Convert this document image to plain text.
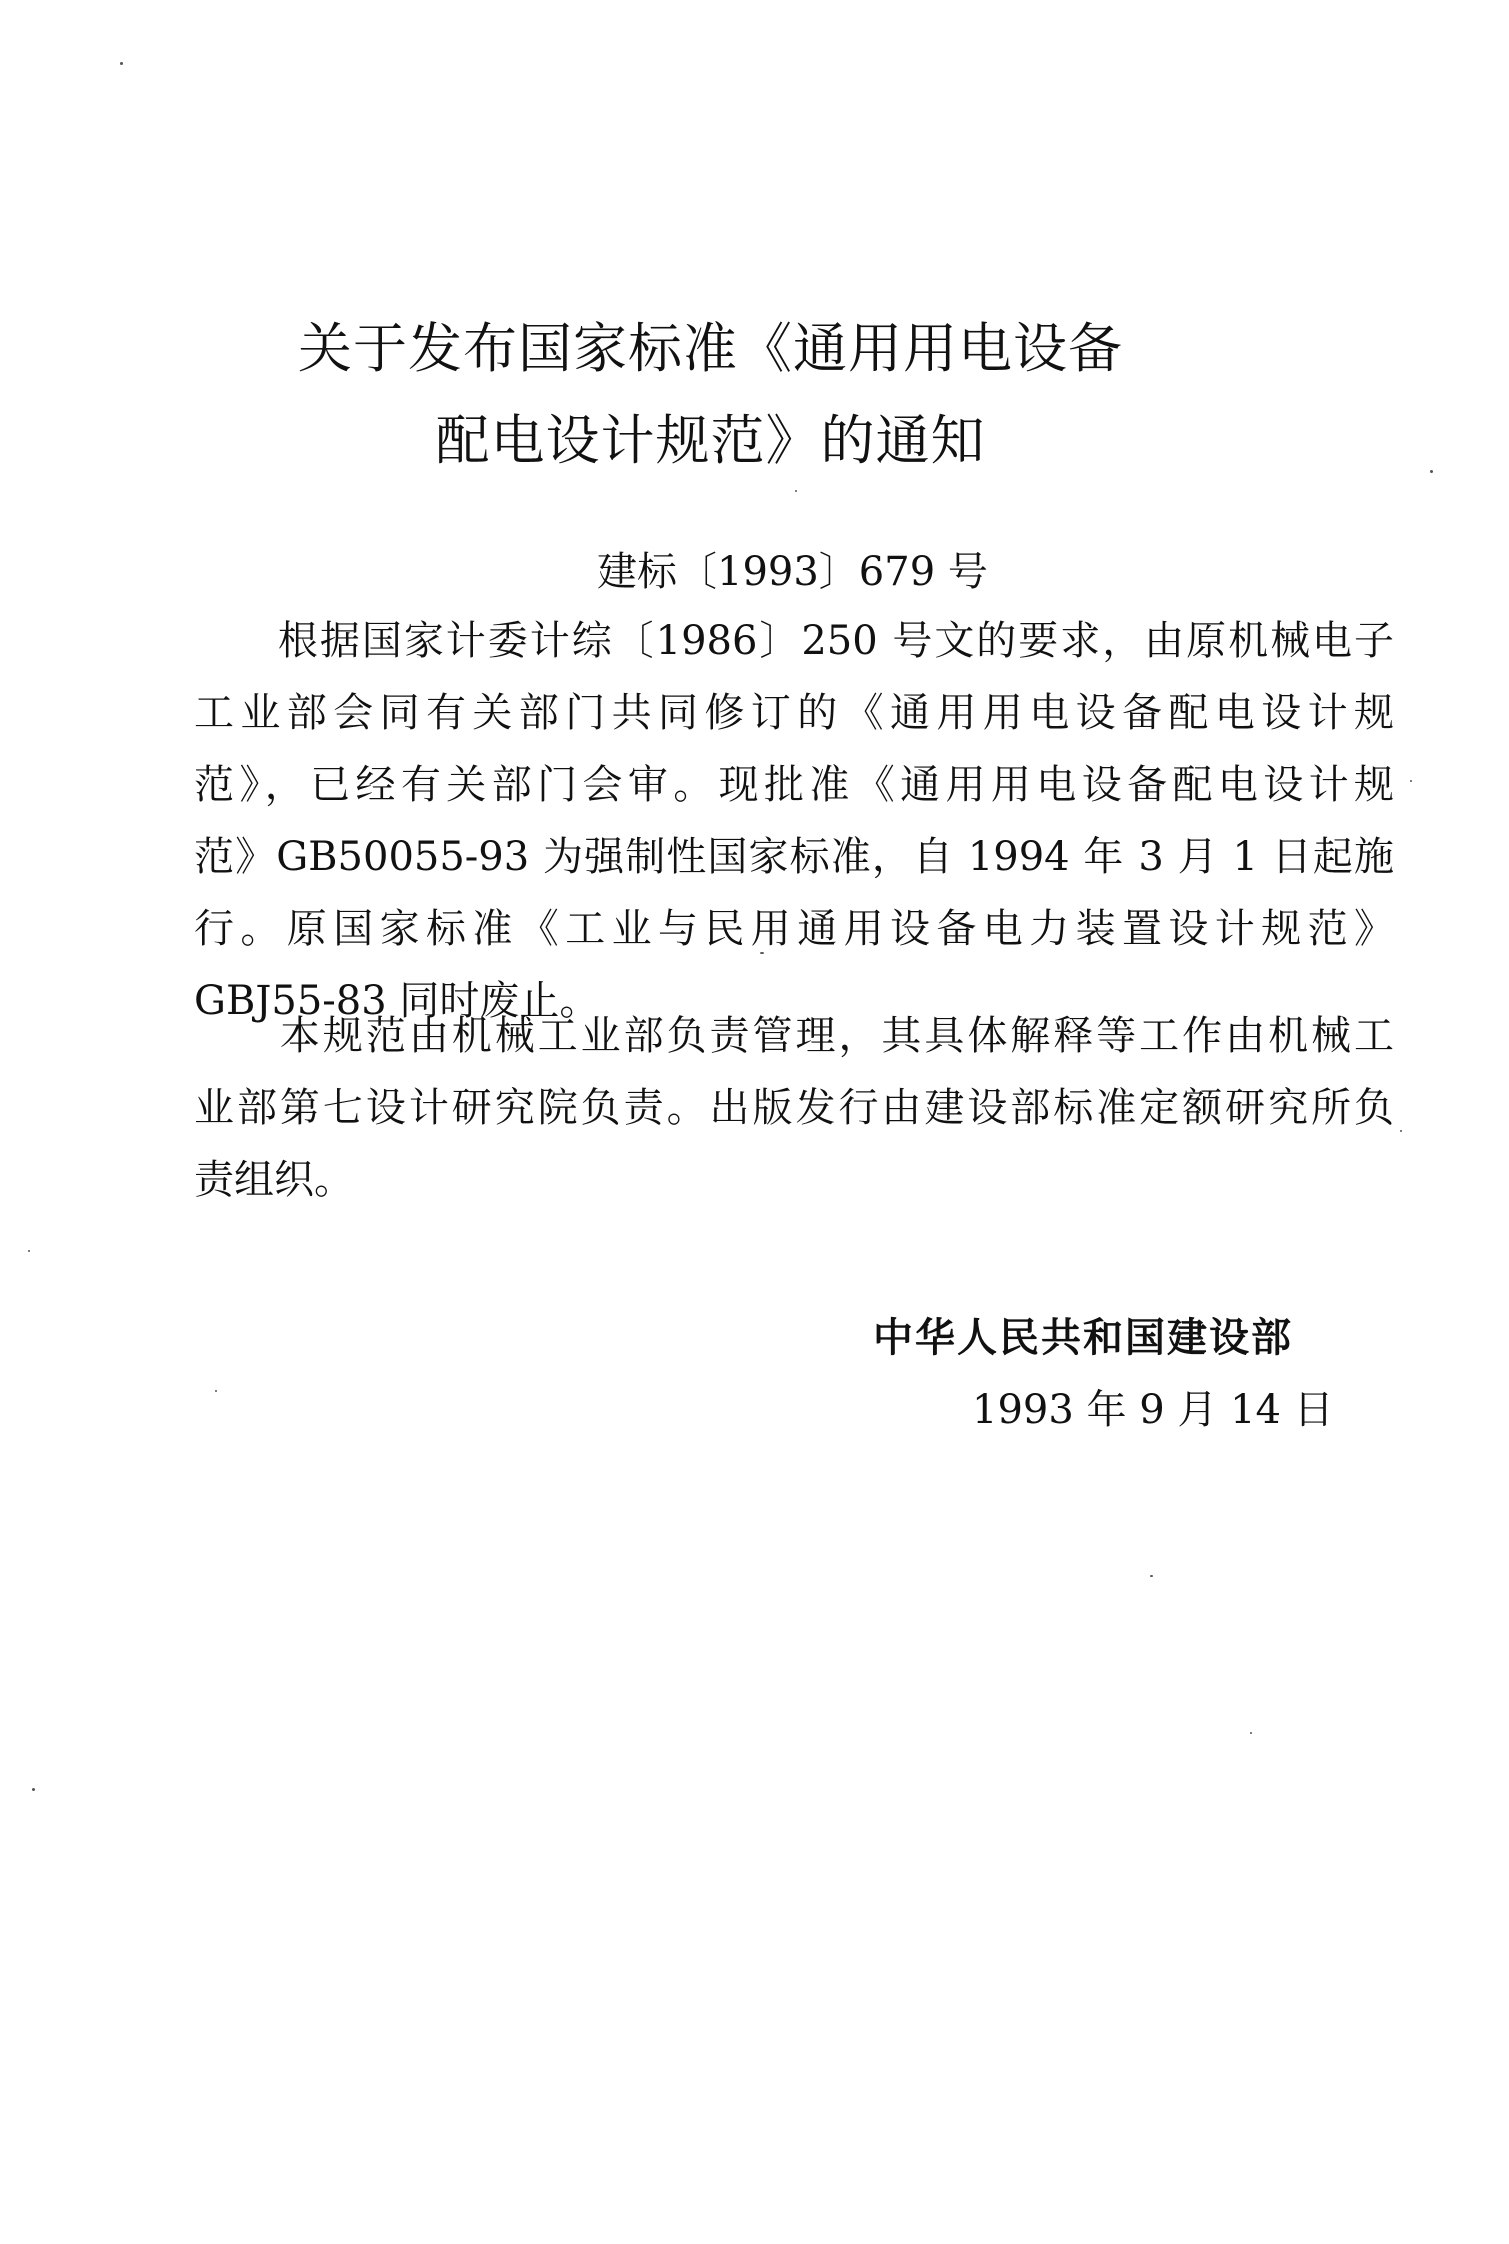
关于发布国家标准《通用用电设备
配电设计规范》的通知
建标〔1993〕679 号
　　根据国家计委计综〔1986〕250 号文的要求，由原机械电子
工业部会同有关部门共同修订的《通用用电设备配电设计规
范》，已经有关部门会审。现批准《通用用电设备配电设计规
范》GB50055-93 为强制性国家标准，自 1994 年 3 月 1 日起施
行。原国家标准《工业与民用通用设备电力装置设计规范》
GBJ55-83 同时废止。
　　本规范由机械工业部负责管理，其具体解释等工作由机械工
业部第七设计研究院负责。出版发行由建设部标准定额研究所负
责组织。
中华人民共和国建设部
1993 年 9 月 14 日
